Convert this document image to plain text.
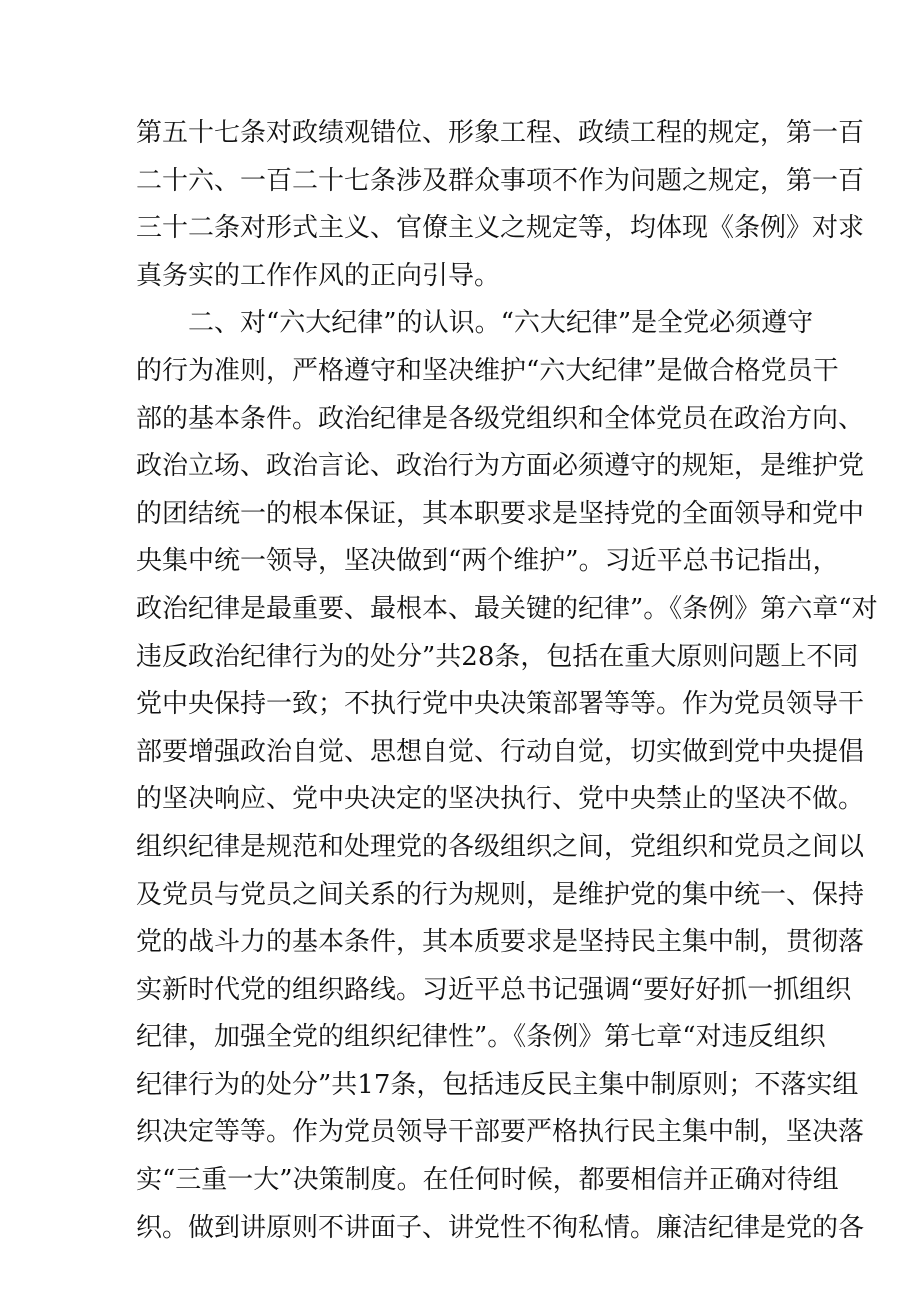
第五十七条对政绩观错位、形象工程、政绩工程的规定，第一百
二十六、一百二十七条涉及群众事项不作为问题之规定，第一百
三十二条对形式主义、官僚主义之规定等，均体现《条例》对求
真务实的工作作风的正向引导。
二、对“六大纪律”的认识。“六大纪律”是全党必须遵守
的行为准则，严格遵守和坚决维护“六大纪律”是做合格党员干
部的基本条件。政治纪律是各级党组织和全体党员在政治方向、
政治立场、政治言论、政治行为方面必须遵守的规矩，是维护党
的团结统一的根本保证，其本职要求是坚持党的全面领导和党中
央集中统一领导，坚决做到“两个维护”。习近平总书记指出，
政治纪律是最重要、最根本、最关键的纪律”。《条例》第六章“对
违反政治纪律行为的处分”共28条，包括在重大原则问题上不同
党中央保持一致；不执行党中央决策部署等等。作为党员领导干
部要增强政治自觉、思想自觉、行动自觉，切实做到党中央提倡
的坚决响应、党中央决定的坚决执行、党中央禁止的坚决不做。
组织纪律是规范和处理党的各级组织之间，党组织和党员之间以
及党员与党员之间关系的行为规则，是维护党的集中统一、保持
党的战斗力的基本条件，其本质要求是坚持民主集中制，贯彻落
实新时代党的组织路线。习近平总书记强调“要好好抓一抓组织
纪律，加强全党的组织纪律性”。《条例》第七章“对违反组织
纪律行为的处分”共17条，包括违反民主集中制原则；不落实组
织决定等等。作为党员领导干部要严格执行民主集中制，坚决落
实“三重一大”决策制度。在任何时候，都要相信并正确对待组
织。做到讲原则不讲面子、讲党性不徇私情。廉洁纪律是党的各
